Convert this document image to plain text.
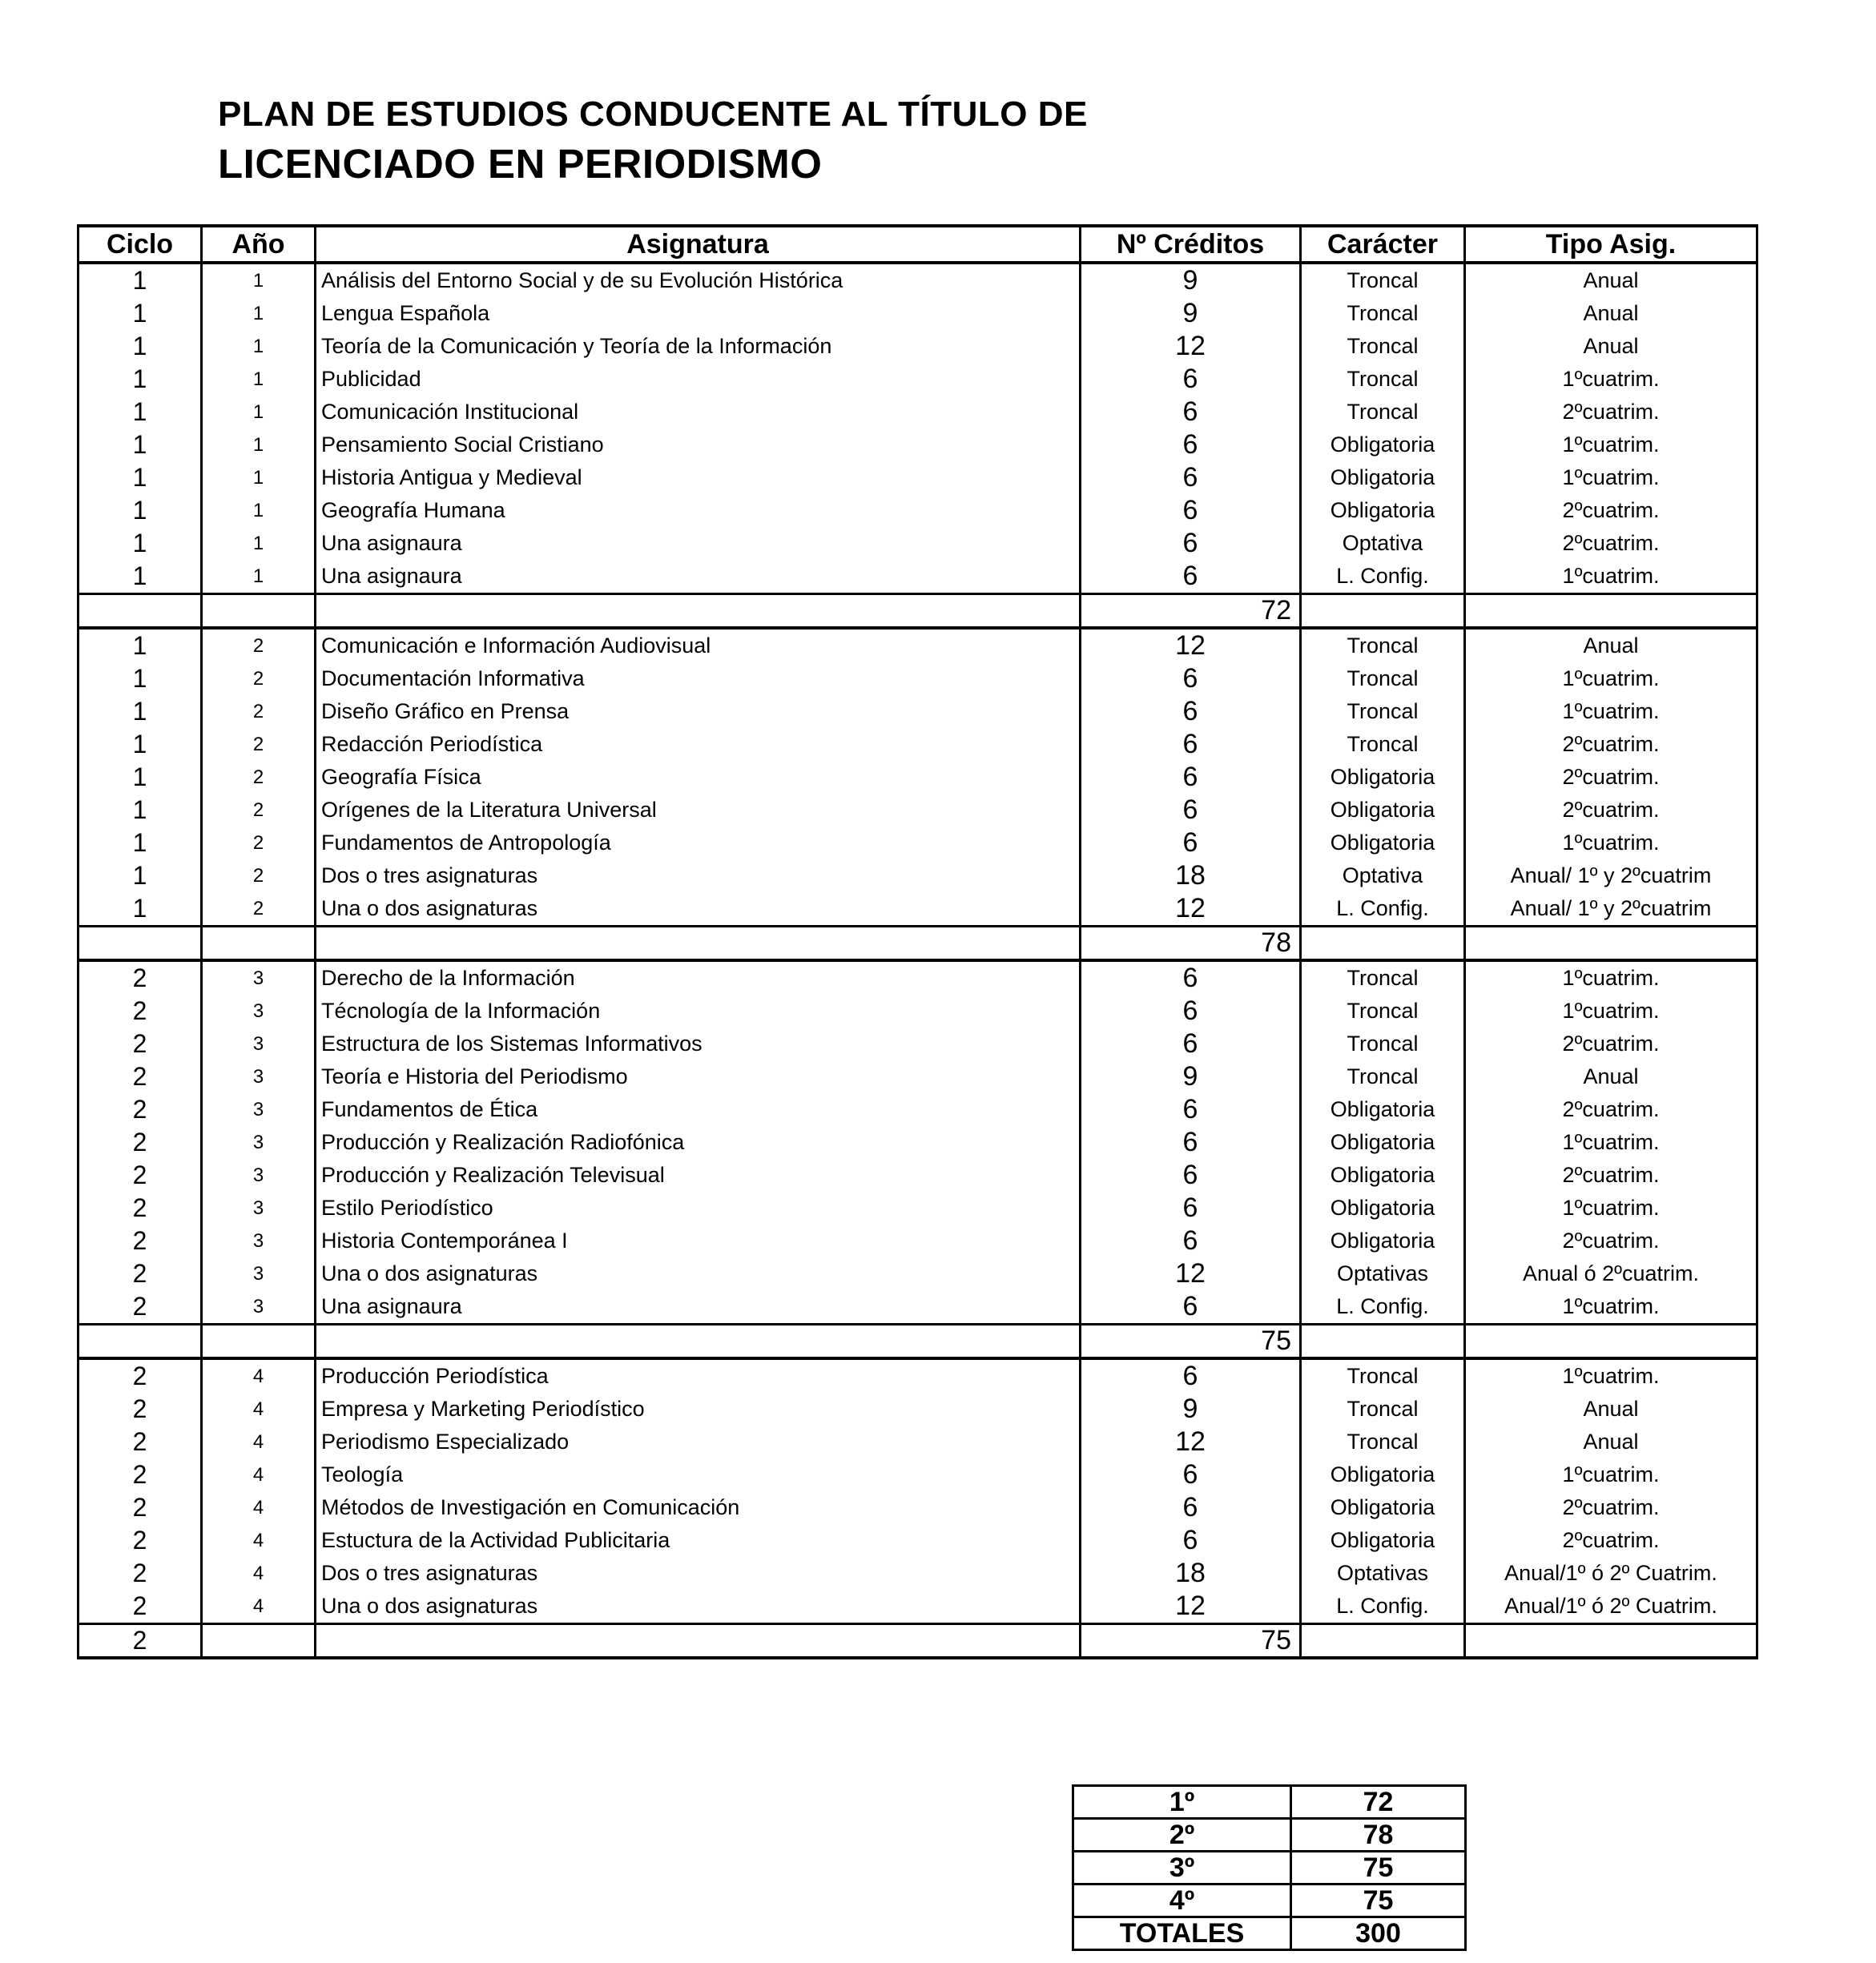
PLAN DE ESTUDIOS CONDUCENTE AL TÍTULO DE
LICENCIADO EN PERIODISMO
Ciclo	Año	Asignatura	Nº Créditos	Carácter	Tipo Asig.
1	1	Análisis del Entorno Social y de su Evolución Histórica	9	Troncal	Anual
1	1	Lengua Española	9	Troncal	Anual
1	1	Teoría de la Comunicación y Teoría de la Información	12	Troncal	Anual
1	1	Publicidad	6	Troncal	1ºcuatrim.
1	1	Comunicación Institucional	6	Troncal	2ºcuatrim.
1	1	Pensamiento Social Cristiano	6	Obligatoria	1ºcuatrim.
1	1	Historia Antigua y Medieval	6	Obligatoria	1ºcuatrim.
1	1	Geografía Humana	6	Obligatoria	2ºcuatrim.
1	1	Una asignaura	6	Optativa	2ºcuatrim.
1	1	Una asignaura	6	L. Config.	1ºcuatrim.
			72		
1	2	Comunicación e Información Audiovisual	12	Troncal	Anual
1	2	Documentación Informativa	6	Troncal	1ºcuatrim.
1	2	Diseño Gráfico en Prensa	6	Troncal	1ºcuatrim.
1	2	Redacción Periodística	6	Troncal	2ºcuatrim.
1	2	Geografía Física	6	Obligatoria	2ºcuatrim.
1	2	Orígenes de la Literatura Universal	6	Obligatoria	2ºcuatrim.
1	2	Fundamentos de Antropología	6	Obligatoria	1ºcuatrim.
1	2	Dos o tres asignaturas	18	Optativa	Anual/ 1º y 2ºcuatrim
1	2	Una o dos asignaturas	12	L. Config.	Anual/ 1º y 2ºcuatrim
			78		
2	3	Derecho de la Información	6	Troncal	1ºcuatrim.
2	3	Técnología de la Información	6	Troncal	1ºcuatrim.
2	3	Estructura de los Sistemas Informativos	6	Troncal	2ºcuatrim.
2	3	Teoría e Historia del Periodismo	9	Troncal	Anual
2	3	Fundamentos de Ética	6	Obligatoria	2ºcuatrim.
2	3	Producción y Realización Radiofónica	6	Obligatoria	1ºcuatrim.
2	3	Producción y Realización Televisual	6	Obligatoria	2ºcuatrim.
2	3	Estilo Periodístico	6	Obligatoria	1ºcuatrim.
2	3	Historia Contemporánea I	6	Obligatoria	2ºcuatrim.
2	3	Una o dos asignaturas	12	Optativas	Anual ó 2ºcuatrim.
2	3	Una asignaura	6	L. Config.	1ºcuatrim.
			75		
2	4	Producción Periodística	6	Troncal	1ºcuatrim.
2	4	Empresa y Marketing Periodístico	9	Troncal	Anual
2	4	Periodismo Especializado	12	Troncal	Anual
2	4	Teología	6	Obligatoria	1ºcuatrim.
2	4	Métodos de Investigación en Comunicación	6	Obligatoria	2ºcuatrim.
2	4	Estuctura de la Actividad Publicitaria	6	Obligatoria	2ºcuatrim.
2	4	Dos o tres asignaturas	18	Optativas	Anual/1º ó 2º Cuatrim.
2	4	Una o dos asignaturas	12	L. Config.	Anual/1º ó 2º Cuatrim.
2			75		
1º	72
2º	78
3º	75
4º	75
TOTALES	300
